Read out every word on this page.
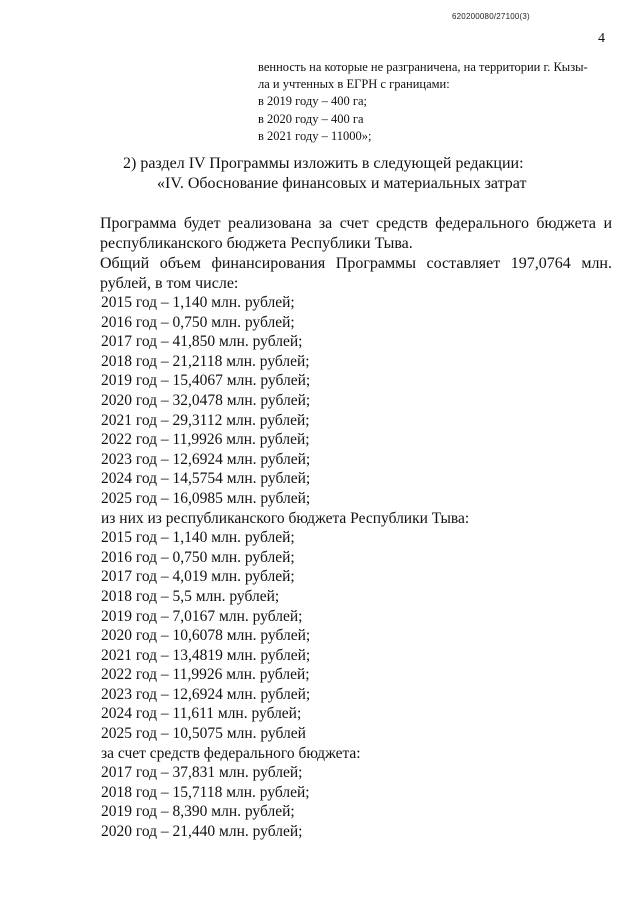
620200080/27100(3)
4
венность на которые не разграничена, на территории г. Кызы-
ла и учтенных в ЕГРН с границами:
в 2019 году – 400 га;
в 2020 году – 400 га
в 2021 году – 11000»;
2) раздел IV Программы изложить в следующей редакции:
«IV. Обоснование финансовых и материальных затрат
Программа будет реализована за счет средств федерального бюджета и республиканского бюджета Республики Тыва.
Общий объем финансирования Программы составляет 197,0764 млн. рублей, в том числе:
2015 год – 1,140 млн. рублей;
2016 год – 0,750 млн. рублей;
2017 год – 41,850 млн. рублей;
2018 год – 21,2118 млн. рублей;
2019 год – 15,4067 млн. рублей;
2020 год – 32,0478 млн. рублей;
2021 год – 29,3112 млн. рублей;
2022 год – 11,9926 млн. рублей;
2023 год – 12,6924 млн. рублей;
2024 год – 14,5754 млн. рублей;
2025 год – 16,0985 млн. рублей;
из них из республиканского бюджета Республики Тыва:
2015 год – 1,140 млн. рублей;
2016 год – 0,750 млн. рублей;
2017 год – 4,019 млн. рублей;
2018 год – 5,5 млн. рублей;
2019 год – 7,0167 млн. рублей;
2020 год – 10,6078 млн. рублей;
2021 год – 13,4819 млн. рублей;
2022 год – 11,9926 млн. рублей;
2023 год – 12,6924 млн. рублей;
2024 год – 11,611 млн. рублей;
2025 год – 10,5075 млн. рублей
за счет средств федерального бюджета:
2017 год – 37,831 млн. рублей;
2018 год – 15,7118 млн. рублей;
2019 год – 8,390 млн. рублей;
2020 год – 21,440 млн. рублей;
